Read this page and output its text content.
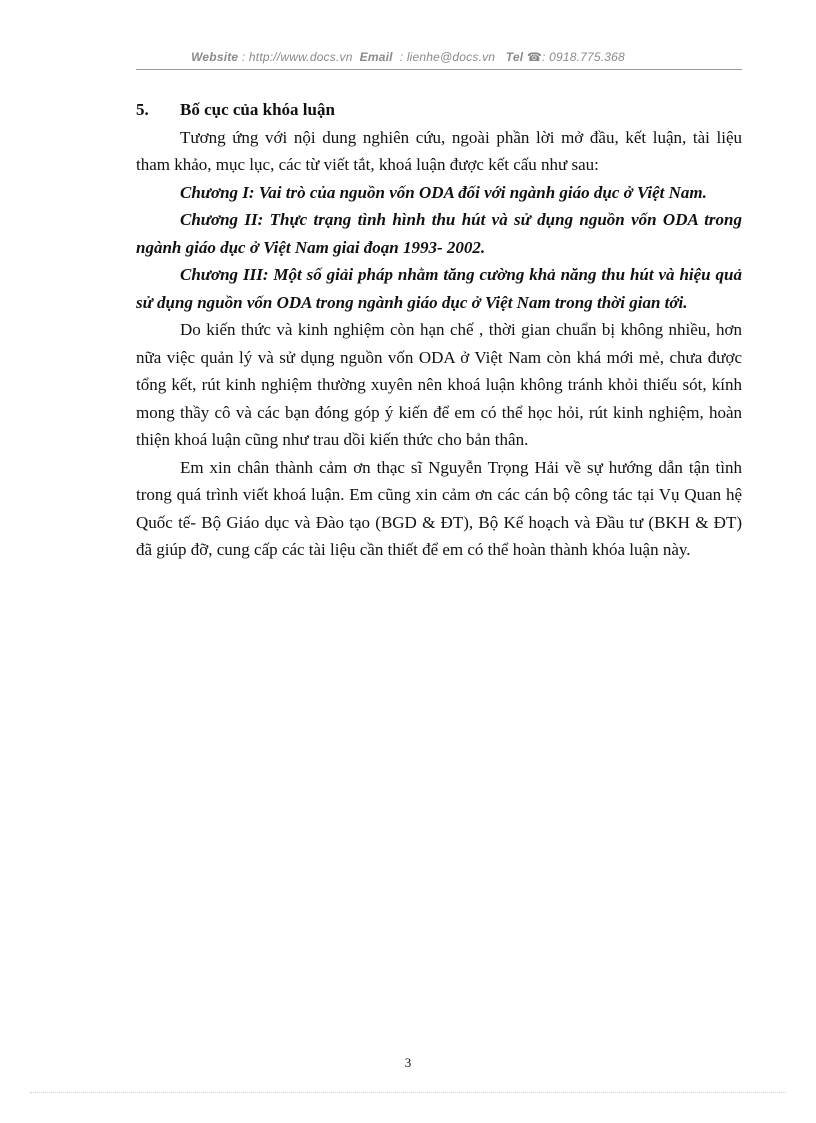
Website : http://www.docs.vn Email : lienhe@docs.vn Tel ☎: 0918.775.368
5. Bố cục của khóa luận

Tương ứng với nội dung nghiên cứu, ngoài phần lời mở đầu, kết luận, tài liệu tham khảo, mục lục, các từ viết tắt, khoá luận được kết cấu như sau:

Chương I: Vai trò của nguồn vốn ODA đối với ngành giáo dục ở Việt Nam.

Chương II: Thực trạng tình hình thu hút và sử dụng nguồn vốn ODA trong ngành giáo dục ở Việt Nam giai đoạn 1993- 2002.

Chương III: Một số giải pháp nhằm tăng cường khả năng thu hút và hiệu quả sử dụng nguồn vốn ODA trong ngành giáo dục ở Việt Nam trong thời gian tới.

Do kiến thức và kinh nghiệm còn hạn chế , thời gian chuẩn bị không nhiều, hơn nữa việc quản lý và sử dụng nguồn vốn ODA ở Việt Nam còn khá mới mẻ, chưa được tổng kết, rút kinh nghiệm thường xuyên nên khoá luận không tránh khỏi thiếu sót, kính mong thầy cô và các bạn đóng góp ý kiến để em có thể học hỏi, rút kinh nghiệm, hoàn thiện khoá luận cũng như trau dồi kiến thức cho bản thân.

Em xin chân thành cảm ơn thạc sĩ Nguyễn Trọng Hải về sự hướng dẫn tận tình trong quá trình viết khoá luận. Em cũng xin cảm ơn các cán bộ công tác tại Vụ Quan hệ Quốc tế- Bộ Giáo dục và Đào tạo (BGD & ĐT), Bộ Kế hoạch và Đầu tư (BKH & ĐT) đã giúp đỡ, cung cấp các tài liệu cần thiết để em có thể hoàn thành khóa luận này.

3
